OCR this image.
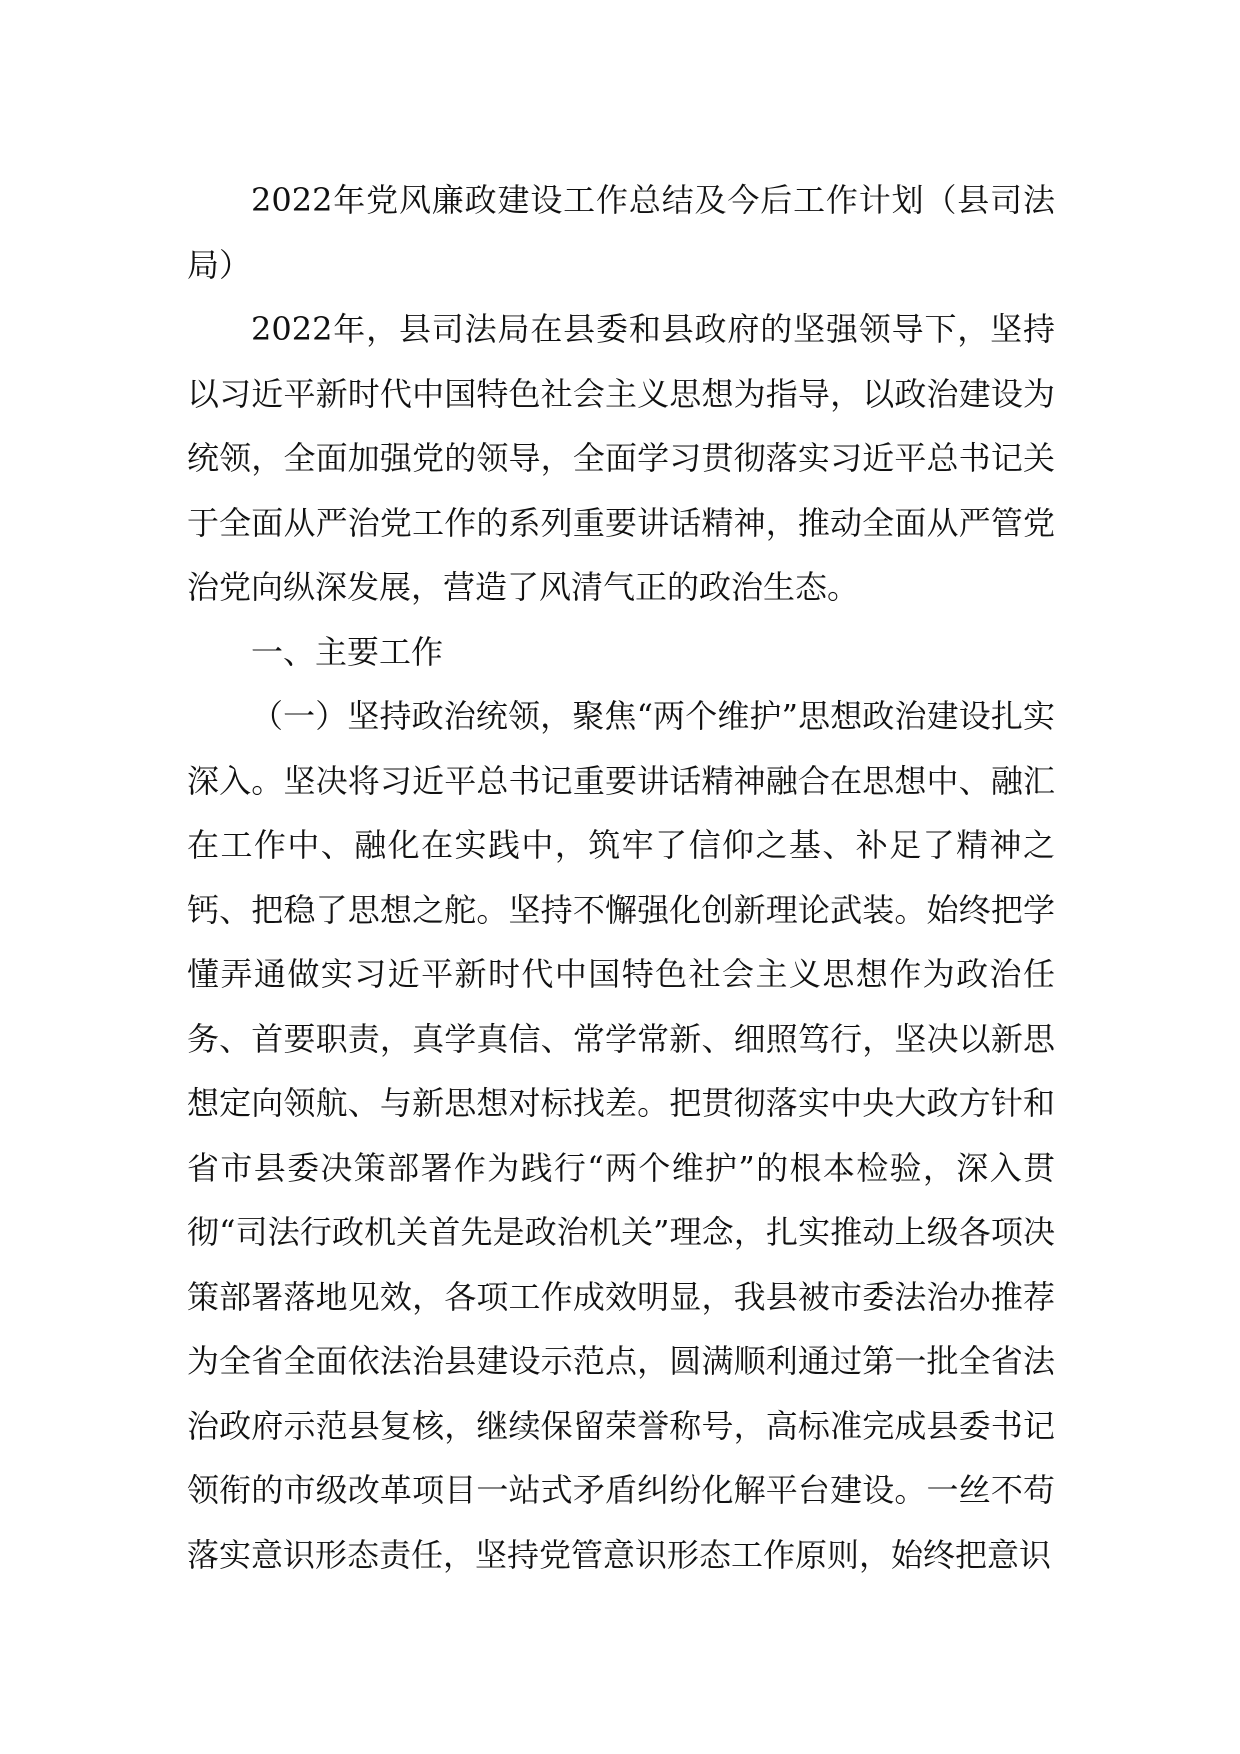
2022年党风廉政建设工作总结及今后工作计划（县司法局）

2022年，县司法局在县委和县政府的坚强领导下，坚持以习近平新时代中国特色社会主义思想为指导，以政治建设为统领，全面加强党的领导，全面学习贯彻落实习近平总书记关于全面从严治党工作的系列重要讲话精神，推动全面从严管党治党向纵深发展，营造了风清气正的政治生态。

一、主要工作

（一）坚持政治统领，聚焦“两个维护”思想政治建设扎实深入。坚决将习近平总书记重要讲话精神融合在思想中、融汇在工作中、融化在实践中，筑牢了信仰之基、补足了精神之钙、把稳了思想之舵。坚持不懈强化创新理论武装。始终把学懂弄通做实习近平新时代中国特色社会主义思想作为政治任务、首要职责，真学真信、常学常新、细照笃行，坚决以新思想定向领航、与新思想对标找差。把贯彻落实中央大政方针和省市县委决策部署作为践行“两个维护”的根本检验，深入贯彻“司法行政机关首先是政治机关”理念，扎实推动上级各项决策部署落地见效，各项工作成效明显，我县被市委法治办推荐为全省全面依法治县建设示范点，圆满顺利通过第一批全省法治政府示范县复核，继续保留荣誉称号，高标准完成县委书记领衔的市级改革项目一站式矛盾纠纷化解平台建设。一丝不苟落实意识形态责任，坚持党管意识形态工作原则，始终把意识
